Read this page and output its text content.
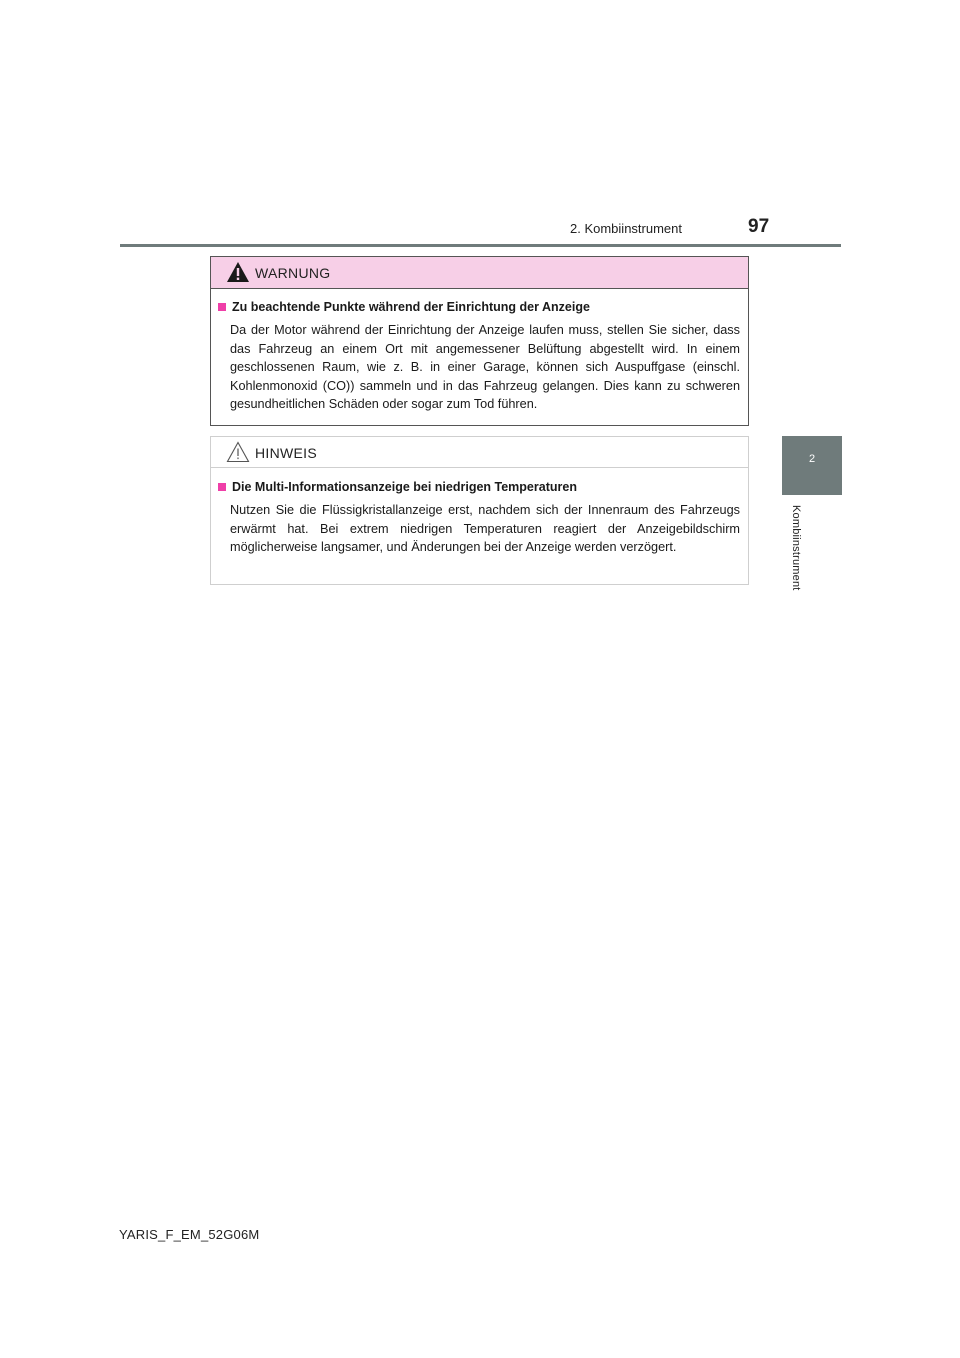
2. Kombiinstrument	97
2
Kombiinstrument
WARNUNG
Zu beachtende Punkte während der Einrichtung der Anzeige
Da der Motor während der Einrichtung der Anzeige laufen muss, stellen Sie sicher, dass das Fahrzeug an einem Ort mit angemessener Belüftung abgestellt wird. In einem geschlossenen Raum, wie z. B. in einer Garage, können sich Auspuffgase (einschl. Kohlenmonoxid (CO)) sammeln und in das Fahrzeug gelangen. Dies kann zu schweren gesundheitlichen Schäden oder sogar zum Tod führen.
HINWEIS
Die Multi-Informationsanzeige bei niedrigen Temperaturen
Nutzen Sie die Flüssigkristallanzeige erst, nachdem sich der Innenraum des Fahrzeugs erwärmt hat. Bei extrem niedrigen Temperaturen reagiert der Anzeigebildschirm möglicherweise langsamer, und Änderungen bei der Anzeige werden verzögert.
YARIS_F_EM_52G06M
